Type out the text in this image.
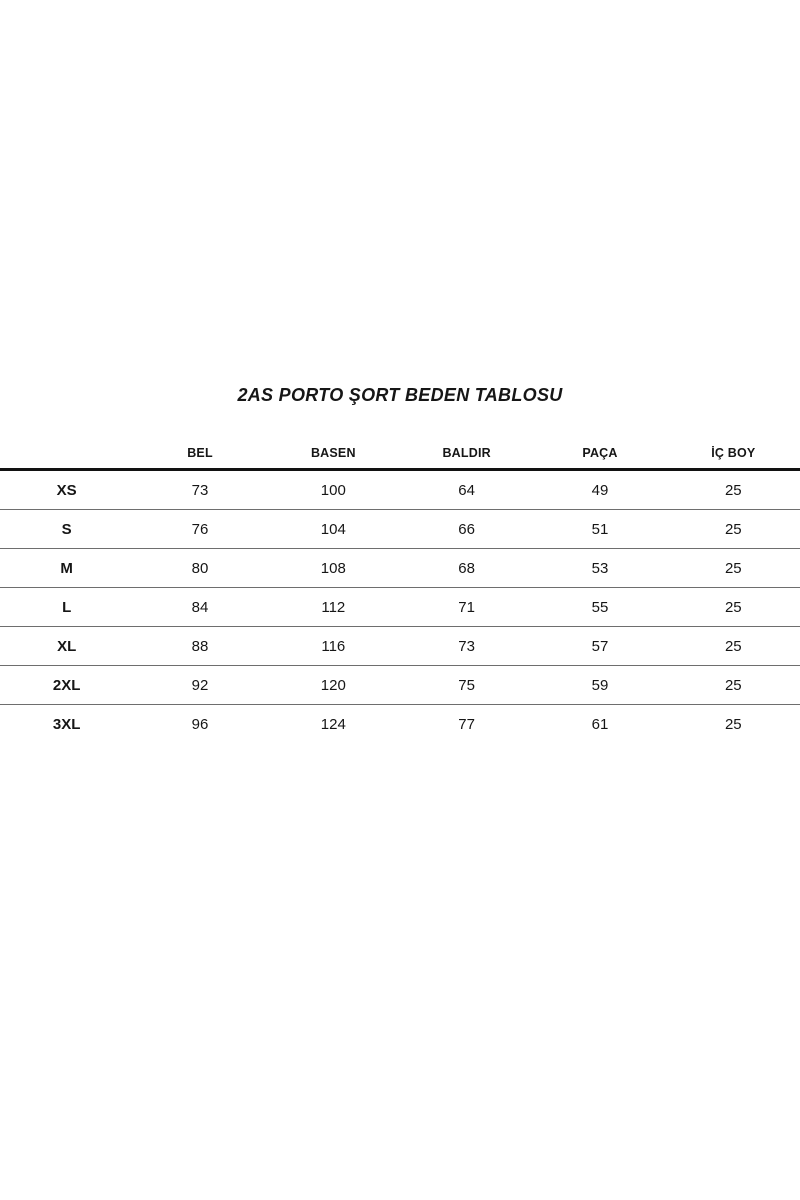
2AS PORTO ŞORT BEDEN TABLOSU
	BEL	BASEN	BALDIR	PAÇA	İÇ BOY
XS	73	100	64	49	25
S	76	104	66	51	25
M	80	108	68	53	25
L	84	112	71	55	25
XL	88	116	73	57	25
2XL	92	120	75	59	25
3XL	96	124	77	61	25
